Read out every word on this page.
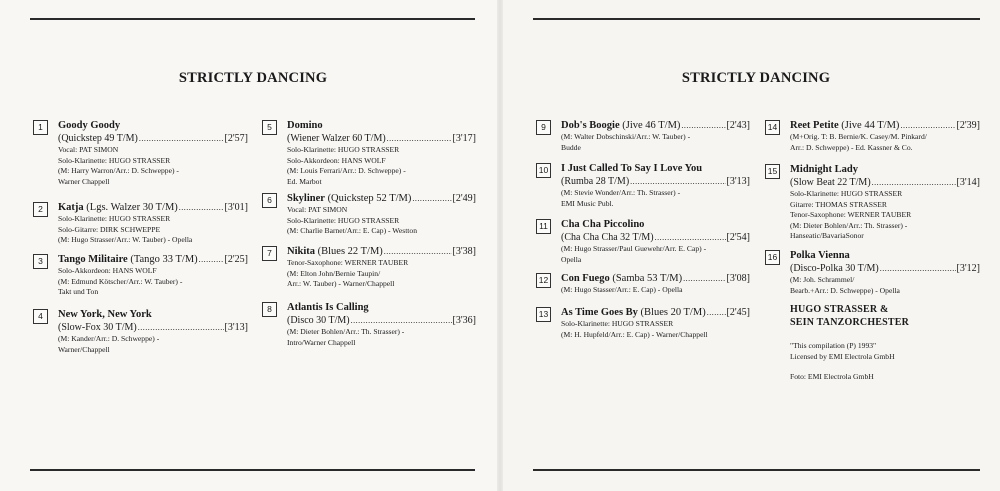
STRICTLY DANCING	STRICTLY DANCING
1	Goody Goody
(Quickstep 49 T/M) .....	[2'57]
Vocal: PAT SIMON
Solo-Klarinette: HUGO STRASSER
(M: Harry Warron/Arr.: D. Schweppe) -
Warner Chappell
2	Katja (Lgs. Walzer 30 T/M) .....	[3'01]
Solo-Klarinette: HUGO STRASSER
Solo-Gitarre: DIRK SCHWEPPE
(M: Hugo Strasser/Arr.: W. Tauber) - Opella
3	Tango Militaire (Tango 33 T/M) .....	[2'25]
Solo-Akkordeon: HANS WOLF
(M: Edmund Kötscher/Arr.: W. Tauber) -
Takt und Ton
4	New York, New York
(Slow-Fox 30 T/M) .....	[3'13]
(M: Kander/Arr.: D. Schweppe) -
Warner/Chappell
5	Domino
(Wiener Walzer 60 T/M) .....	[3'17]
Solo-Klarinette: HUGO STRASSER
Solo-Akkordeon: HANS WOLF
(M: Louis Ferrari/Arr.: D. Schweppe) -
Ed. Marbot
6	Skyliner (Quickstep 52 T/M) .....	[2'49]
Vocal: PAT SIMON
Solo-Klarinette: HUGO STRASSER
(M: Charlie Barnet/Arr.: E. Cap) - Westton
7	Nikita (Blues 22 T/M) .....	[3'38]
Tenor-Saxophone: WERNER TAUBER
(M: Elton John/Bernie Taupin/
Arr.: W. Tauber) - Warner/Chappell
8	Atlantis Is Calling
(Disco 30 T/M) .....	[3'36]
(M: Dieter Bohlen/Arr.: Th. Strasser) -
Intro/Warner Chappell
9	Dob's Boogie (Jive 46 T/M) .....	[2'43]
(M: Walter Dobschinski/Arr.: W. Tauber) -
Budde
10 I Just Called To Say I Love You
(Rumba 28 T/M) .....	[3'13]
(M: Stevie Wonder/Arr.: Th. Strasser) -
EMI Music Publ.
11 Cha Cha Piccolino
(Cha Cha Cha 32 T/M) .....	[2'54]
(M: Hugo Strasser/Paul Guewehr/Arr. E. Cap) -
Opella
12 Con Fuego (Samba 53 T/M) .....	[3'08]
(M: Hugo Stasser/Arr.: E. Cap) - Opella
13 As Time Goes By (Blues 20 T/M) ..... [2'45]
Solo-Klarinette: HUGO STRASSER
(M: H. Hupfeld/Arr.: E. Cap) - Warner/Chappell
14 Reet Petite (Jive 44 T/M) .....	[2'39]
(M+Orig. T: B. Bernie/K. Casey/M. Pinkard/
Arr.: D. Schweppe) - Ed. Kassner & Co.
15 Midnight Lady
(Slow Beat 22 T/M) .....	[3'14]
Solo-Klarinette: HUGO STRASSER
Gitarre: THOMAS STRASSER
Tenor-Saxophone: WERNER TAUBER
(M: Dieter Bohlen/Arr.: Th. Strasser) -
Hanseatic/BavariaSonor
16 Polka Vienna
(Disco-Polka 30 T/M) .....	[3'12]
(M: Joh. Schrammel/
Bearb.+Arr.: D. Schweppe) - Opella
HUGO STRASSER &
SEIN TANZORCHESTER
"This compilation (P) 1993"
Licensed by EMI Electrola GmbH
Foto: EMI Electrola GmbH
